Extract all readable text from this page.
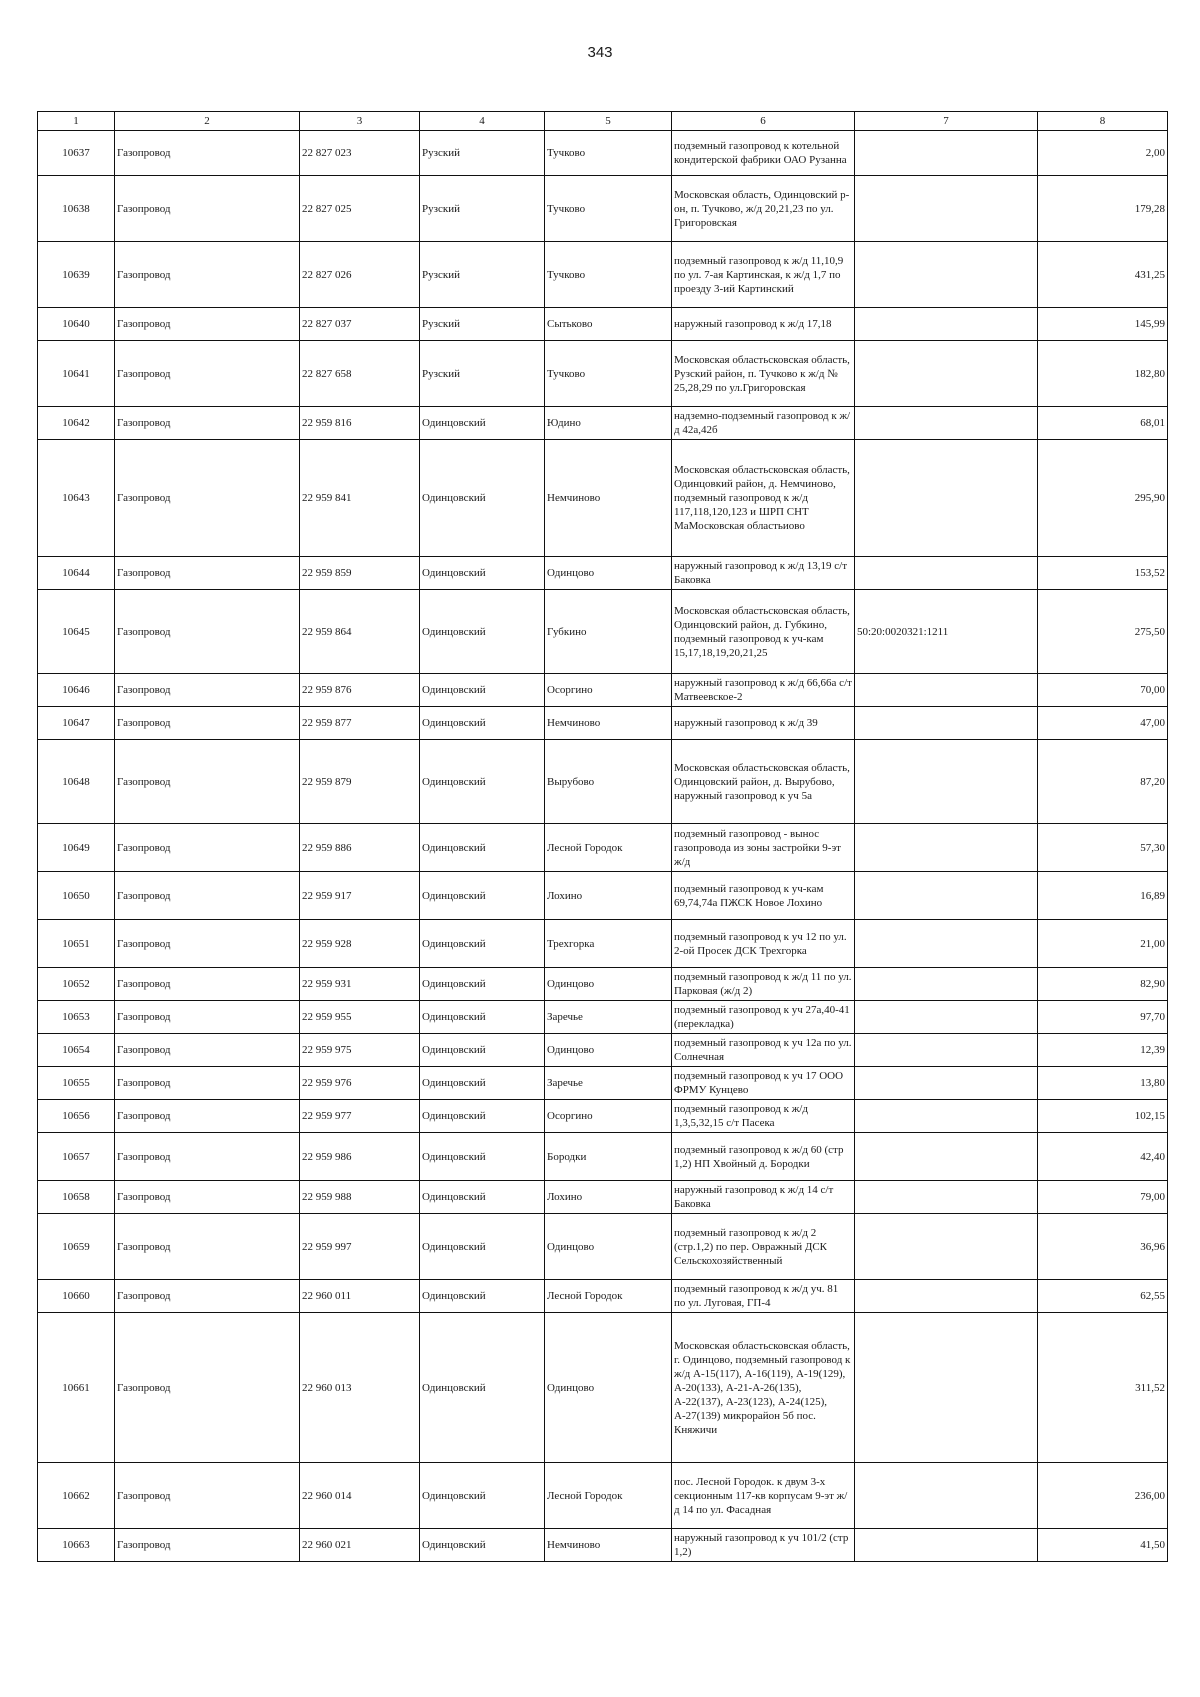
343
1	2	3	4	5	6	7	8
10637	Газопровод	22 827 023	Рузский	Тучково	подземный газопровод к котельной кондитерской фабрики ОАО Рузанна		2,00
10638	Газопровод	22 827 025	Рузский	Тучково	Московская область, Одинцовский р-он, п. Тучково, ж/д 20,21,23 по ул. Григоровская		179,28
10639	Газопровод	22 827 026	Рузский	Тучково	подземный газопровод к ж/д 11,10,9 по ул. 7-ая Картинская, к ж/д 1,7 по проезду 3-ий Картинский		431,25
10640	Газопровод	22 827 037	Рузский	Сытьково	наружный газопровод к ж/д 17,18		145,99
10641	Газопровод	22 827 658	Рузский	Тучково	Московская областьсковская область, Рузский район, п. Тучково к ж/д № 25,28,29 по ул.Григоровская		182,80
10642	Газопровод	22 959 816	Одинцовский	Юдино	надземно-подземный газопровод к ж/д 42а,42б		68,01
10643	Газопровод	22 959 841	Одинцовский	Немчиново	Московская областьсковская область, Одинцовкий район, д. Немчиново, подземный газопровод к ж/д 117,118,120,123 и ШРП СНТ МаМосковская областьиово		295,90
10644	Газопровод	22 959 859	Одинцовский	Одинцово	наружный газопровод к ж/д 13,19 с/т Баковка		153,52
10645	Газопровод	22 959 864	Одинцовский	Губкино	Московская областьсковская область, Одинцовский район, д. Губкино, подземный газопровод к уч-кам 15,17,18,19,20,21,25	50:20:0020321:1211	275,50
10646	Газопровод	22 959 876	Одинцовский	Осоргино	наружный газопровод к ж/д 66,66а с/т Матвеевское-2		70,00
10647	Газопровод	22 959 877	Одинцовский	Немчиново	наружный газопровод к ж/д 39		47,00
10648	Газопровод	22 959 879	Одинцовский	Вырубово	Московская областьсковская область, Одинцовский район, д. Вырубово, наружный газопровод к уч 5а		87,20
10649	Газопровод	22 959 886	Одинцовский	Лесной Городок	подземный газопровод - вынос газопровода из зоны застройки 9-эт ж/д		57,30
10650	Газопровод	22 959 917	Одинцовский	Лохино	подземный газопровод к уч-кам 69,74,74а ПЖСК Новое Лохино		16,89
10651	Газопровод	22 959 928	Одинцовский	Трехгорка	подземный газопровод к уч 12 по ул. 2-ой Просек ДСК Трехгорка		21,00
10652	Газопровод	22 959 931	Одинцовский	Одинцово	подземный газопровод к ж/д 11 по ул. Парковая (ж/д 2)		82,90
10653	Газопровод	22 959 955	Одинцовский	Заречье	подземный газопровод к уч 27а,40-41 (перекладка)		97,70
10654	Газопровод	22 959 975	Одинцовский	Одинцово	подземный газопровод к уч 12а по ул. Солнечная		12,39
10655	Газопровод	22 959 976	Одинцовский	Заречье	подземный газопровод к уч 17 ООО ФРМУ Кунцево		13,80
10656	Газопровод	22 959 977	Одинцовский	Осоргино	подземный газопровод к ж/д 1,3,5,32,15 с/т Пасека		102,15
10657	Газопровод	22 959 986	Одинцовский	Бородки	подземный газопровод к ж/д 60 (стр 1,2) НП Хвойный д. Бородки		42,40
10658	Газопровод	22 959 988	Одинцовский	Лохино	наружный газопровод к ж/д 14 с/т Баковка		79,00
10659	Газопровод	22 959 997	Одинцовский	Одинцово	подземный газопровод к ж/д 2 (стр.1,2) по пер. Овражный ДСК Сельскохозяйственный		36,96
10660	Газопровод	22 960 011	Одинцовский	Лесной Городок	подземный газопровод к ж/д уч. 81 по ул. Луговая, ГП-4		62,55
10661	Газопровод	22 960 013	Одинцовский	Одинцово	Московская областьсковская область, г. Одинцово, подземный газопровод к ж/д А-15(117), А-16(119), А-19(129), А-20(133), А-21-А-26(135), А-22(137), А-23(123), А-24(125), А-27(139) микрорайон 5б пос. Княжичи		311,52
10662	Газопровод	22 960 014	Одинцовский	Лесной Городок	пос. Лесной Городок. к двум 3-х секционным 117-кв корпусам 9-эт ж/д 14 по ул. Фасадная		236,00
10663	Газопровод	22 960 021	Одинцовский	Немчиново	наружный газопровод к уч 101/2 (стр 1,2)		41,50
